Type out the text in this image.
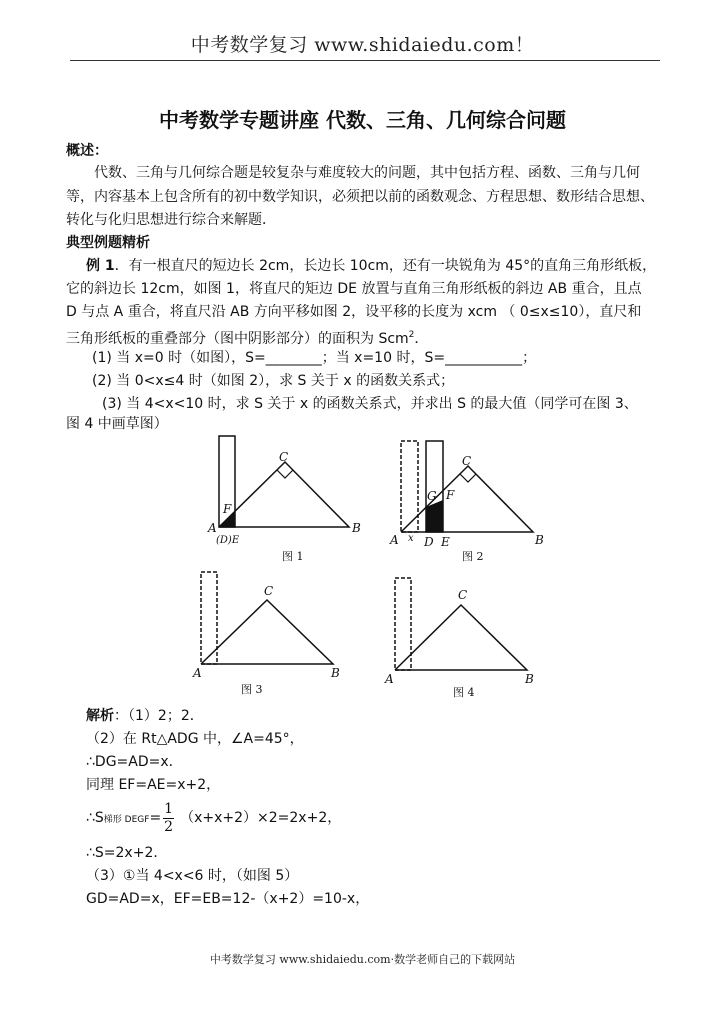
中考数学复习 www.shidaiedu.com！
中考数学专题讲座 代数、三角、几何综合问题
概述：
代数、三角与几何综合题是较复杂与难度较大的问题，其中包括方程、函数、三角与几何
等，内容基本上包含所有的初中数学知识，必须把以前的函数观念、方程思想、数形结合思想、
转化与化归思想进行综合来解题．
典型例题精析
例 1．有一根直尺的短边长 2cm，长边长 10cm，还有一块锐角为 45°的直角三角形纸板，
它的斜边长 12cm，如图 1，将直尺的矩边 DE 放置与直角三角形纸板的斜边 AB 重合，且点
D 与点 A 重合，将直尺沿 AB 方向平移如图 2，设平移的长度为 xcm （ 0≤x≤10），直尺和
三角形纸板的重叠部分（图中阴影部分）的面积为 Scm$^2$．
(1) 当 x=0 时（如图），S=________；当 x=10 时，S=___________；
(2) 当 0<x≤4 时（如图 2），求 S 关于 x 的函数关系式；
(3) 当 4<x<10 时，求 S 关于 x 的函数关系式，并求出 S 的最大值（同学可在图 3、
图 4 中画草图）
C
F
A
(D)E
B
图 1
C
G F
A x D E	B
图 2
C
A	B
图 3
C
A	B
图 4
解析：（1）2；2．
（2）在 Rt△ADG 中，∠A=45°，
∴DG=AD=x．
同理 EF=AE=x+2，
∴S梯形 DEGF= $\frac{1}{2} (x+x+2)\times 2=2x+2$，
∴S=2x+2．
（3）①当 4<x<6 时，（如图 5）
GD=AD=x，EF=EB=12-（x+2）=10-x，
中考数学复习 www.shidaiedu.com·数学老师自己的下载网站
